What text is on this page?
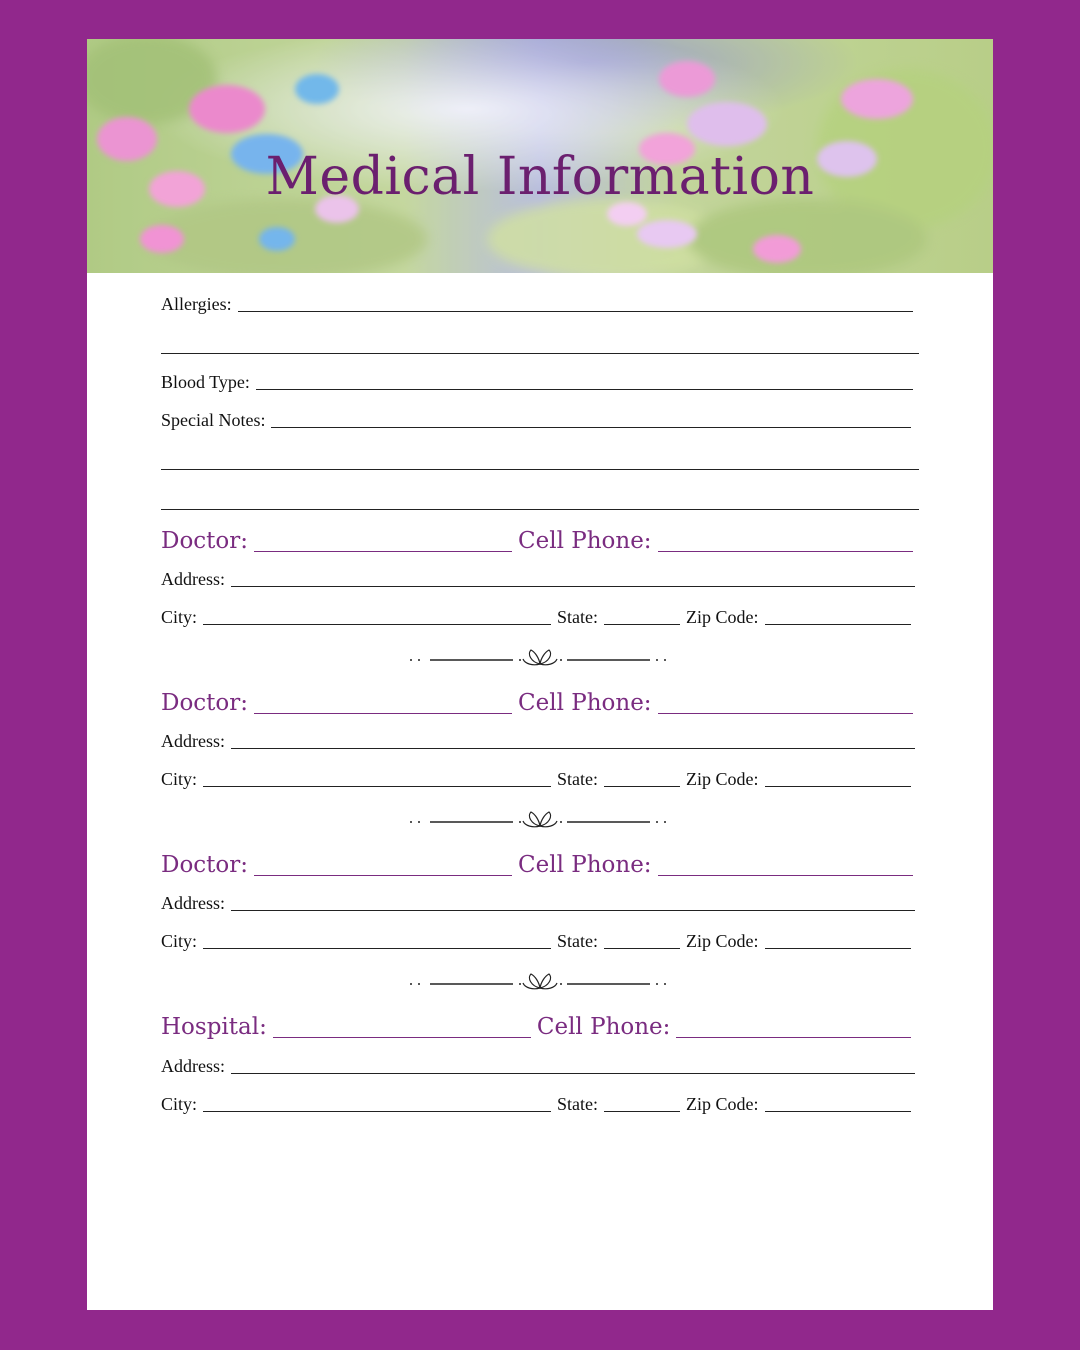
Medical Information
Allergies:
Blood Type:
Special Notes:
Doctor:	Cell Phone:
Address:
City:	State:	Zip Code:
Doctor:	Cell Phone:
Address:
City:	State:	Zip Code:
Doctor:	Cell Phone:
Address:
City:	State:	Zip Code:
Hospital:	Cell Phone:
Address:
City:	State:	Zip Code:
